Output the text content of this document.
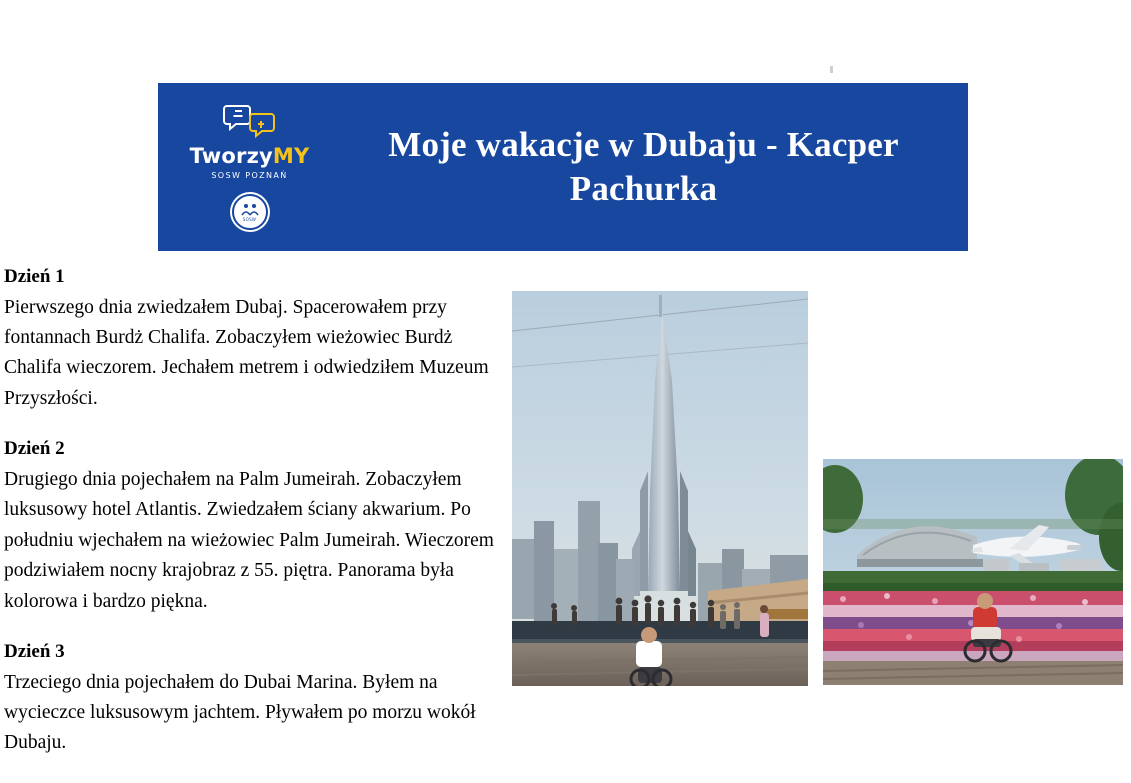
TworzyMY
SOSW POZNAŃ
SOSW
Moje wakacje w Dubaju - Kacper Pachurka

Dzień 1

Pierwszego dnia zwiedzałem Dubaj. Spacerowałem przy fontannach Burdż Chalifa. Zobaczyłem wieżowiec Burdż Chalifa wieczorem. Jechałem metrem i odwiedziłem Muzeum Przyszłości.

Dzień 2

Drugiego dnia pojechałem na Palm Jumeirah. Zobaczyłem luksusowy hotel Atlantis. Zwiedzałem ściany akwarium. Po południu wjechałem na wieżowiec Palm Jumeirah. Wieczorem podziwiałem nocny krajobraz z 55. piętra. Panorama była kolorowa i bardzo piękna.

Dzień 3

Trzeciego dnia pojechałem do Dubai Marina. Byłem na wycieczce luksusowym jachtem. Pływałem po morzu wokół Dubaju.
